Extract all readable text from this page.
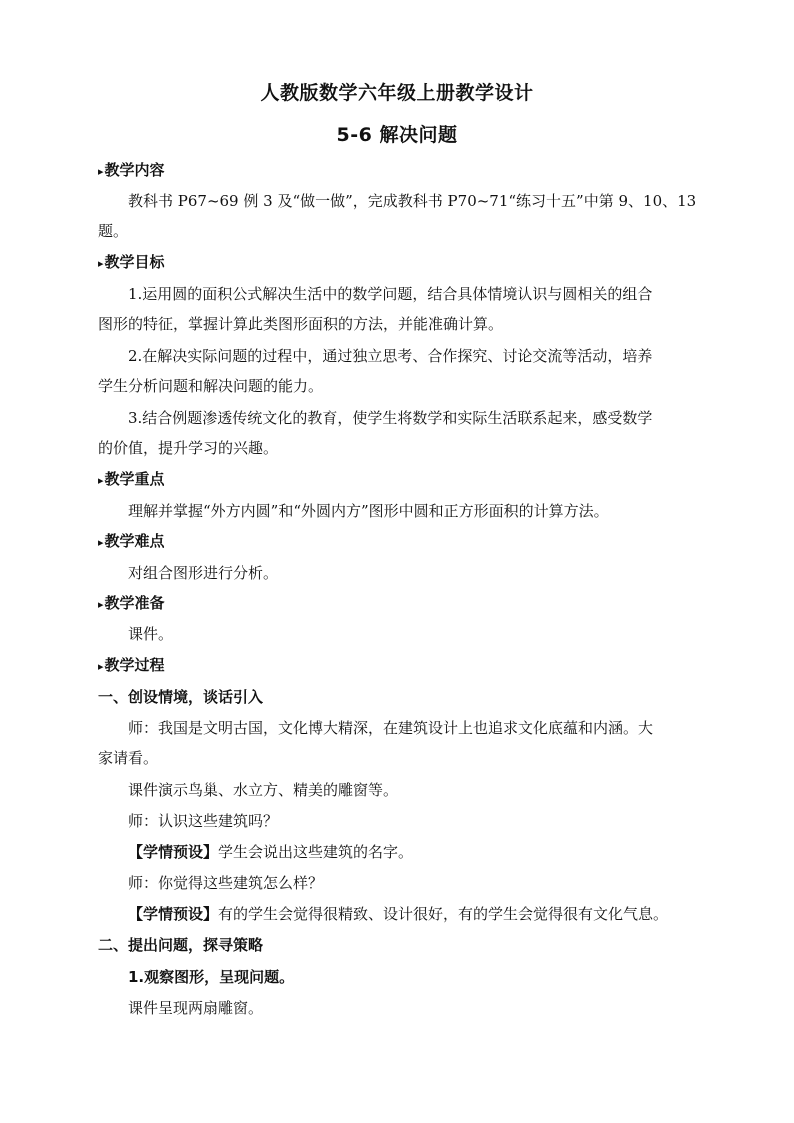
人教版数学六年级上册教学设计
5-6 解决问题
▸教学内容
教科书 P67~69 例 3 及“做一做”，完成教科书 P70~71“练习十五”中第 9、10、13
题。
▸教学目标
1.运用圆的面积公式解决生活中的数学问题，结合具体情境认识与圆相关的组合
图形的特征，掌握计算此类图形面积的方法，并能准确计算。
2.在解决实际问题的过程中，通过独立思考、合作探究、讨论交流等活动，培养
学生分析问题和解决问题的能力。
3.结合例题渗透传统文化的教育，使学生将数学和实际生活联系起来，感受数学
的价值，提升学习的兴趣。
▸教学重点
理解并掌握“外方内圆”和“外圆内方”图形中圆和正方形面积的计算方法。
▸教学难点
对组合图形进行分析。
▸教学准备
课件。
▸教学过程
一、创设情境，谈话引入
师：我国是文明古国，文化博大精深，在建筑设计上也追求文化底蕴和内涵。大
家请看。
课件演示鸟巢、水立方、精美的雕窗等。
师：认识这些建筑吗？
【学情预设】学生会说出这些建筑的名字。
师：你觉得这些建筑怎么样？
【学情预设】有的学生会觉得很精致、设计很好，有的学生会觉得很有文化气息。
二、提出问题，探寻策略
1.观察图形，呈现问题。
课件呈现两扇雕窗。
